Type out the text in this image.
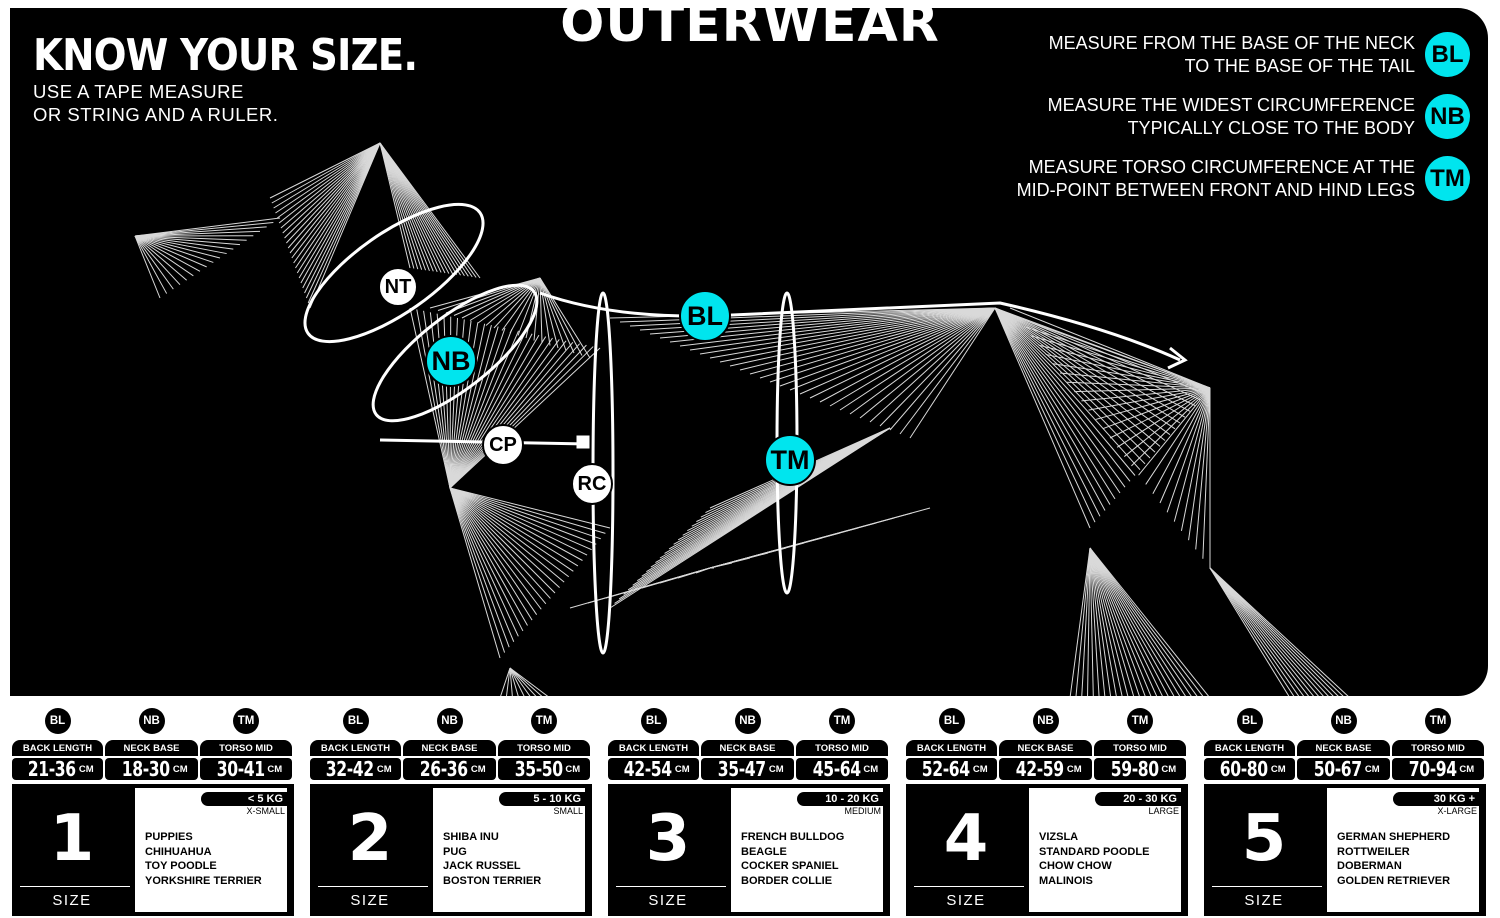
OUTERWEAR
KNOW YOUR SIZE.
USE A TAPE MEASURE
OR STRING AND A RULER.
MEASURE FROM THE BASE OF THE NECK
TO THE BASE OF THE TAIL BL
MEASURE THE WIDEST CIRCUMFERENCE
TYPICALLY CLOSE TO THE BODY NB
MEASURE TORSO CIRCUMFERENCE AT THE
MID-POINT BETWEEN FRONT AND HIND LEGS TM
NT
NB
CP
RC
BL
TM
BL
BACK LENGTH
21-36 CM
NB
NECK BASE
18-30 CM
TM
TORSO MID
30-41 CM
1
SIZE
< 5 KG
X-SMALL
PUPPIES
CHIHUAHUA
TOY POODLE
YORKSHIRE TERRIER
BL
BACK LENGTH
32-42 CM
NB
NECK BASE
26-36 CM
TM
TORSO MID
35-50 CM
2
SIZE
5 - 10 KG
SMALL
SHIBA INU
PUG
JACK RUSSEL
BOSTON TERRIER
BL
BACK LENGTH
42-54 CM
NB
NECK BASE
35-47 CM
TM
TORSO MID
45-64 CM
3
SIZE
10 - 20 KG
MEDIUM
FRENCH BULLDOG
BEAGLE
COCKER SPANIEL
BORDER COLLIE
BL
BACK LENGTH
52-64 CM
NB
NECK BASE
42-59 CM
TM
TORSO MID
59-80 CM
4
SIZE
20 - 30 KG
LARGE
VIZSLA
STANDARD POODLE
CHOW CHOW
MALINOIS
BL
BACK LENGTH
60-80 CM
NB
NECK BASE
50-67 CM
TM
TORSO MID
70-94 CM
5
SIZE
30 KG +
X-LARGE
GERMAN SHEPHERD
ROTTWEILER
DOBERMAN
GOLDEN RETRIEVER
